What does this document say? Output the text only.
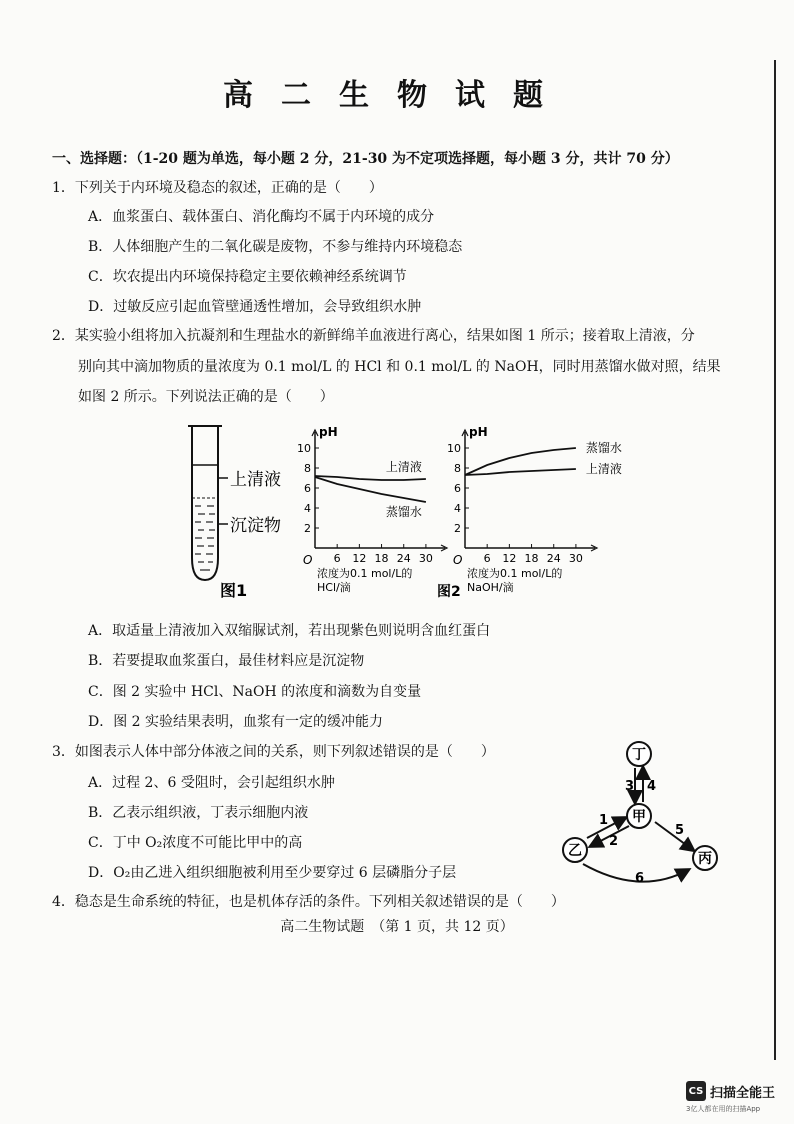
高二生物试题
一、选择题：（1-20 题为单选，每小题 2 分，21-30 为不定项选择题，每小题 3 分，共计 70 分）
1．下列关于内环境及稳态的叙述，正确的是（　　）
A．血浆蛋白、载体蛋白、消化酶均不属于内环境的成分
B．人体细胞产生的二氧化碳是废物，不参与维持内环境稳态
C．坎农提出内环境保持稳定主要依赖神经系统调节
D．过敏反应引起血管壁通透性增加，会导致组织水肿
2．某实验小组将加入抗凝剂和生理盐水的新鲜绵羊血液进行离心，结果如图 1 所示；接着取上清液，分
别向其中滴加物质的量浓度为 0.1 mol/L 的 HCl 和 0.1 mol/L 的 NaOH，同时用蒸馏水做对照，结果
如图 2 所示。下列说法正确的是（　　）
上清液
沉淀物
图1
pH
O
2
4
6
8
10
6 12 18 24 30
浓度为0.1 mol/L的
HCl/滴
上清液
蒸馏水
pH
O
2
4
6
8
10
6 12 18 24 30
浓度为0.1 mol/L的
NaOH/滴
蒸馏水
上清液
图2
A．取适量上清液加入双缩脲试剂，若出现紫色则说明含血红蛋白
B．若要提取血浆蛋白，最佳材料应是沉淀物
C．图 2 实验中 HCl、NaOH 的浓度和滴数为自变量
D．图 2 实验结果表明，血浆有一定的缓冲能力
3．如图表示人体中部分体液之间的关系，则下列叙述错误的是（　　）
A．过程 2、6 受阻时，会引起组织水肿
B．乙表示组织液，丁表示细胞内液
C．丁中 O₂浓度不可能比甲中的高
D．O₂由乙进入组织细胞被利用至少要穿过 6 层磷脂分子层
丁
甲
乙	丙
3 4
1
2
5
6
4．稳态是生命系统的特征，也是机体存活的条件。下列相关叙述错误的是（　　）
高二生物试题　（第 1 页，共 12 页）
CS 扫描全能王
3亿人都在用的扫描App
